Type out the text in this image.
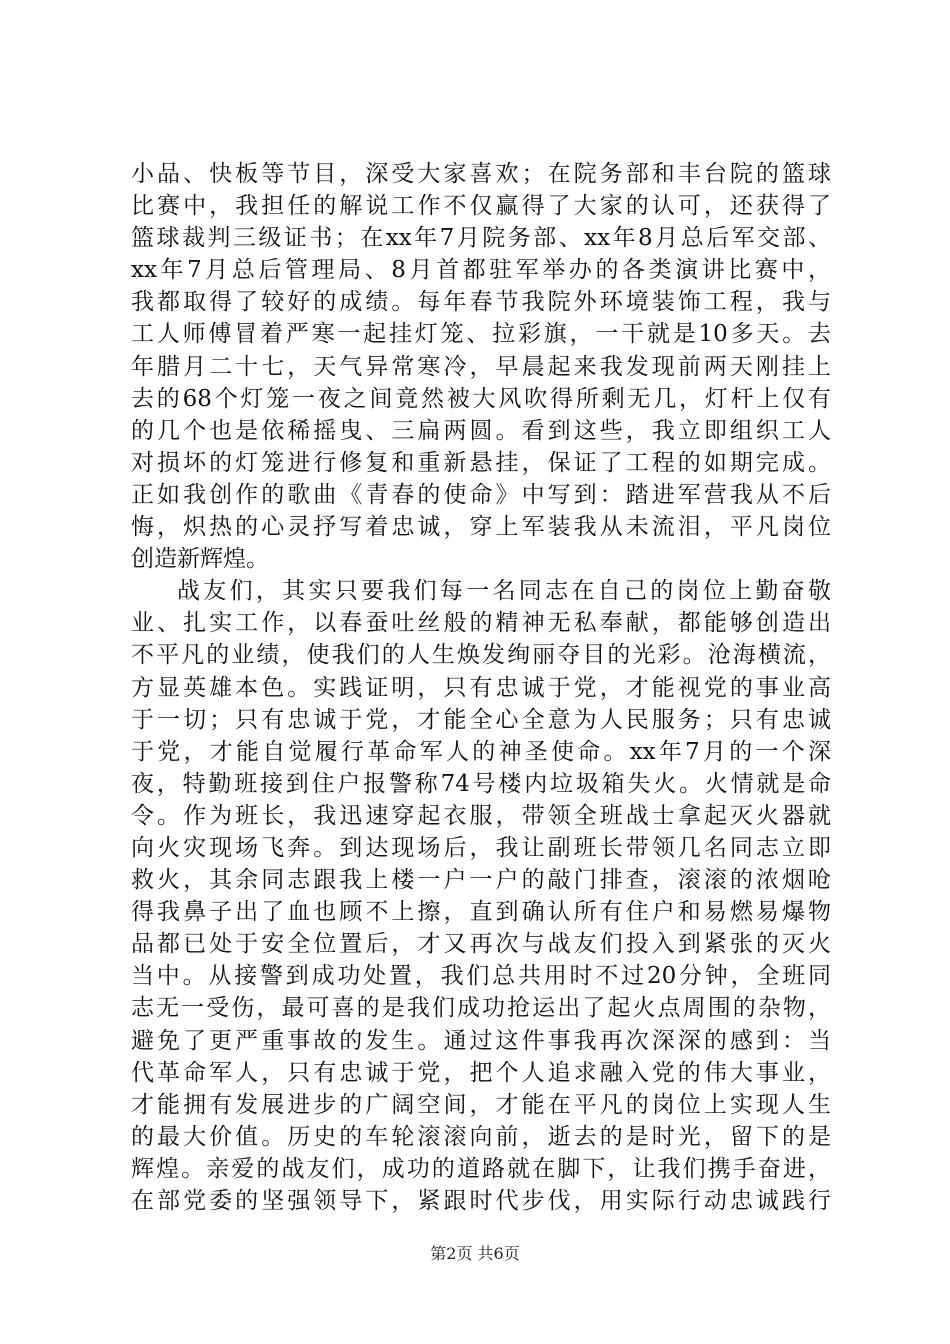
小品、快板等节目，深受大家喜欢；在院务部和丰台院的篮球
比赛中，我担任的解说工作不仅赢得了大家的认可，还获得了
篮球裁判三级证书；在xx年7月院务部、xx年8月总后军交部、
xx年7月总后管理局、8月首都驻军举办的各类演讲比赛中，
我都取得了较好的成绩。每年春节我院外环境装饰工程，我与
工人师傅冒着严寒一起挂灯笼、拉彩旗，一干就是10多天。去
年腊月二十七，天气异常寒冷，早晨起来我发现前两天刚挂上
去的68个灯笼一夜之间竟然被大风吹得所剩无几，灯杆上仅有
的几个也是依稀摇曳、三扁两圆。看到这些，我立即组织工人
对损坏的灯笼进行修复和重新悬挂，保证了工程的如期完成。
正如我创作的歌曲《青春的使命》中写到：踏进军营我从不后
悔，炽热的心灵抒写着忠诚，穿上军装我从未流泪，平凡岗位
创造新辉煌。
战友们，其实只要我们每一名同志在自己的岗位上勤奋敬
业、扎实工作，以春蚕吐丝般的精神无私奉献，都能够创造出
不平凡的业绩，使我们的人生焕发绚丽夺目的光彩。沧海横流，
方显英雄本色。实践证明，只有忠诚于党，才能视党的事业高
于一切；只有忠诚于党，才能全心全意为人民服务；只有忠诚
于党，才能自觉履行革命军人的神圣使命。xx年7月的一个深
夜，特勤班接到住户报警称74号楼内垃圾箱失火。火情就是命
令。作为班长，我迅速穿起衣服，带领全班战士拿起灭火器就
向火灾现场飞奔。到达现场后，我让副班长带领几名同志立即
救火，其余同志跟我上楼一户一户的敲门排查，滚滚的浓烟呛
得我鼻子出了血也顾不上擦，直到确认所有住户和易燃易爆物
品都已处于安全位置后，才又再次与战友们投入到紧张的灭火
当中。从接警到成功处置，我们总共用时不过20分钟，全班同
志无一受伤，最可喜的是我们成功抢运出了起火点周围的杂物，
避免了更严重事故的发生。通过这件事我再次深深的感到：当
代革命军人，只有忠诚于党，把个人追求融入党的伟大事业，
才能拥有发展进步的广阔空间，才能在平凡的岗位上实现人生
的最大价值。历史的车轮滚滚向前，逝去的是时光，留下的是
辉煌。亲爱的战友们，成功的道路就在脚下，让我们携手奋进，
在部党委的坚强领导下，紧跟时代步伐，用实际行动忠诚践行
第2页 共6页
